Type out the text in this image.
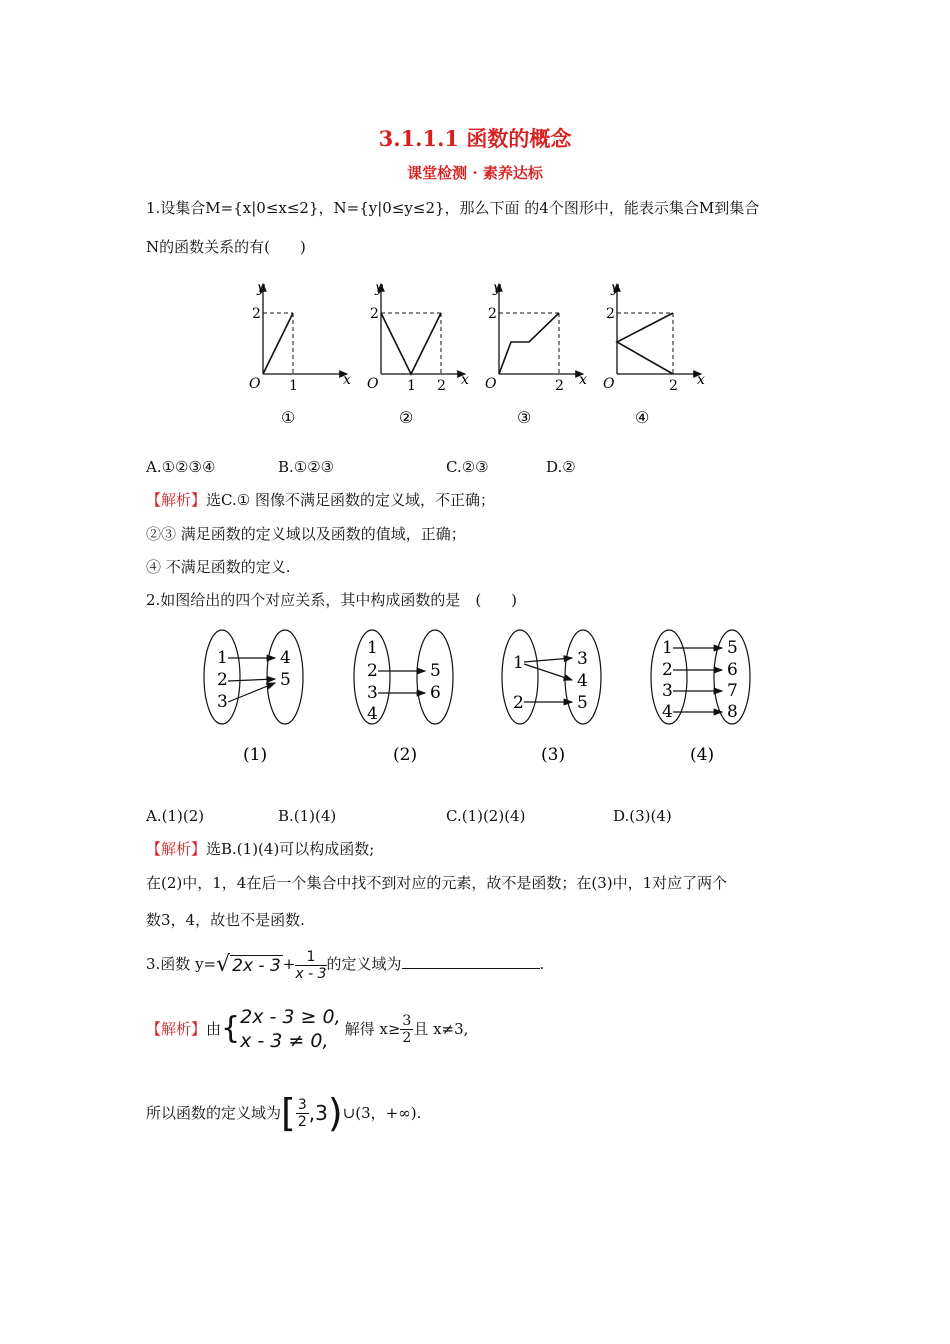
3.1.1.1 函数的概念
课堂检测 · 素养达标
1.设集合M={x|0≤x≤2}，N={y|0≤y≤2}，那么下面 的4个图形中，能表示集合M到集合
N的函数关系的有(　　)
y
x
O
2
1
①
y
x
O
2
1 2
②
y
x
O
2
2
③
y
x
O
2
2
④
A.①②③④	B.①②③	C.②③	D.②
【解析】选C.① 图像不满足函数的定义域，不正确；
②③ 满足函数的定义域以及函数的值域，正确；
④ 不满足函数的定义.
2.如图给出的四个对应关系，其中构成函数的是　(　　)
1
2
3
4
5
(1)
1
2
3
4
5
6
(2)
1
2
3
4
5
(3)
1
2
3
4
5
6
7
8
(4)
A.(1)(2)	B.(1)(4)	C.(1)(2)(4)	D.(3)(4)
【解析】选B.(1)(4)可以构成函数;
在(2)中，1，4在后一个集合中找不到对应的元素，故不是函数；在(3)中，1对应了两个
数3，4，故也不是函数.
3.函数 y=√ $2x - 3 + \frac{1}{x - 3}$ 的定义域为	.
【解析】由{ 2x - 3 ≥ 0,
x - 3 ≠ 0,
解得 $x\ge \frac{3}{2}$ 且 x≠3,
所以函数的定义域为[ $\frac{3}{2}$ ,3)∪(3，+∞).
